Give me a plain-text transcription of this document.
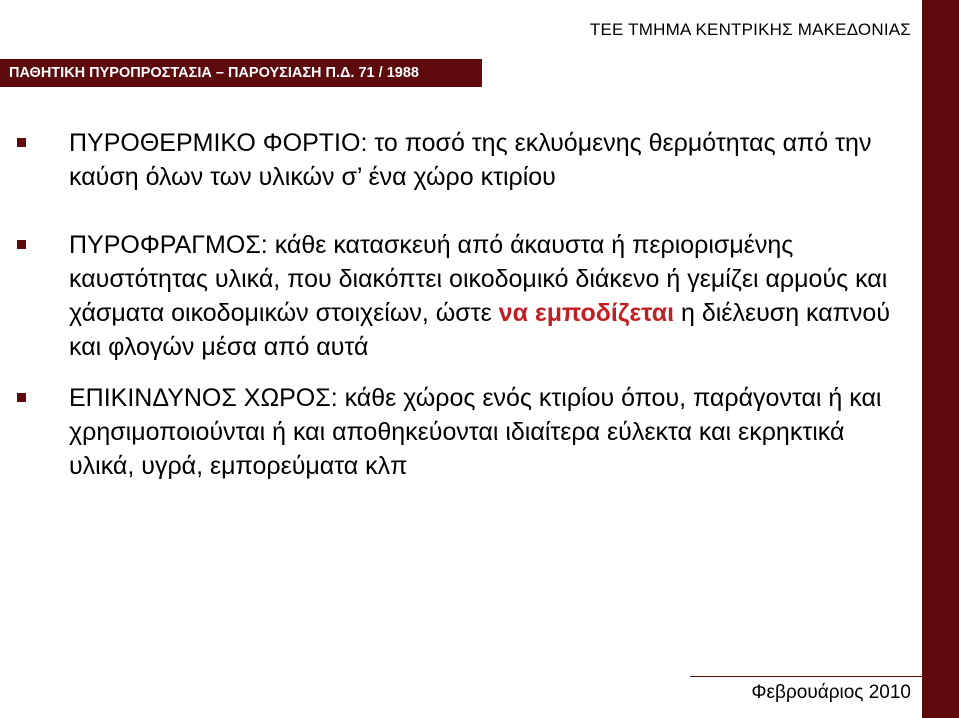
ΤΕΕ ΤΜΗΜΑ ΚΕΝΤΡΙΚΗΣ ΜΑΚΕΔΟΝΙΑΣ
ΠΑΘΗΤΙΚΗ ΠΥΡΟΠΡΟΣΤΑΣΙΑ – ΠΑΡΟΥΣΙΑΣΗ Π.Δ. 71 / 1988
ΠΥΡΟΘΕΡΜΙΚΟ ΦΟΡΤΙΟ: το ποσό της εκλυόμενης θερμότητας από την καύση όλων των υλικών σ’ ένα χώρο κτιρίου
ΠΥΡΟΦΡΑΓΜΟΣ: κάθε κατασκευή από άκαυστα ή περιορισμένης καυστότητας υλικά, που διακόπτει οικοδομικό διάκενο ή γεμίζει αρμούς και χάσματα οικοδομικών στοιχείων, ώστε να εμποδίζεται η διέλευση καπνού και φλογών μέσα από αυτά
ΕΠΙΚΙΝΔΥΝΟΣ ΧΩΡΟΣ: κάθε χώρος ενός κτιρίου όπου, παράγονται ή και χρησιμοποιούνται ή και αποθηκεύονται ιδιαίτερα εύλεκτα και εκρηκτικά υλικά, υγρά, εμπορεύματα κλπ
Φεβρουάριος 2010
